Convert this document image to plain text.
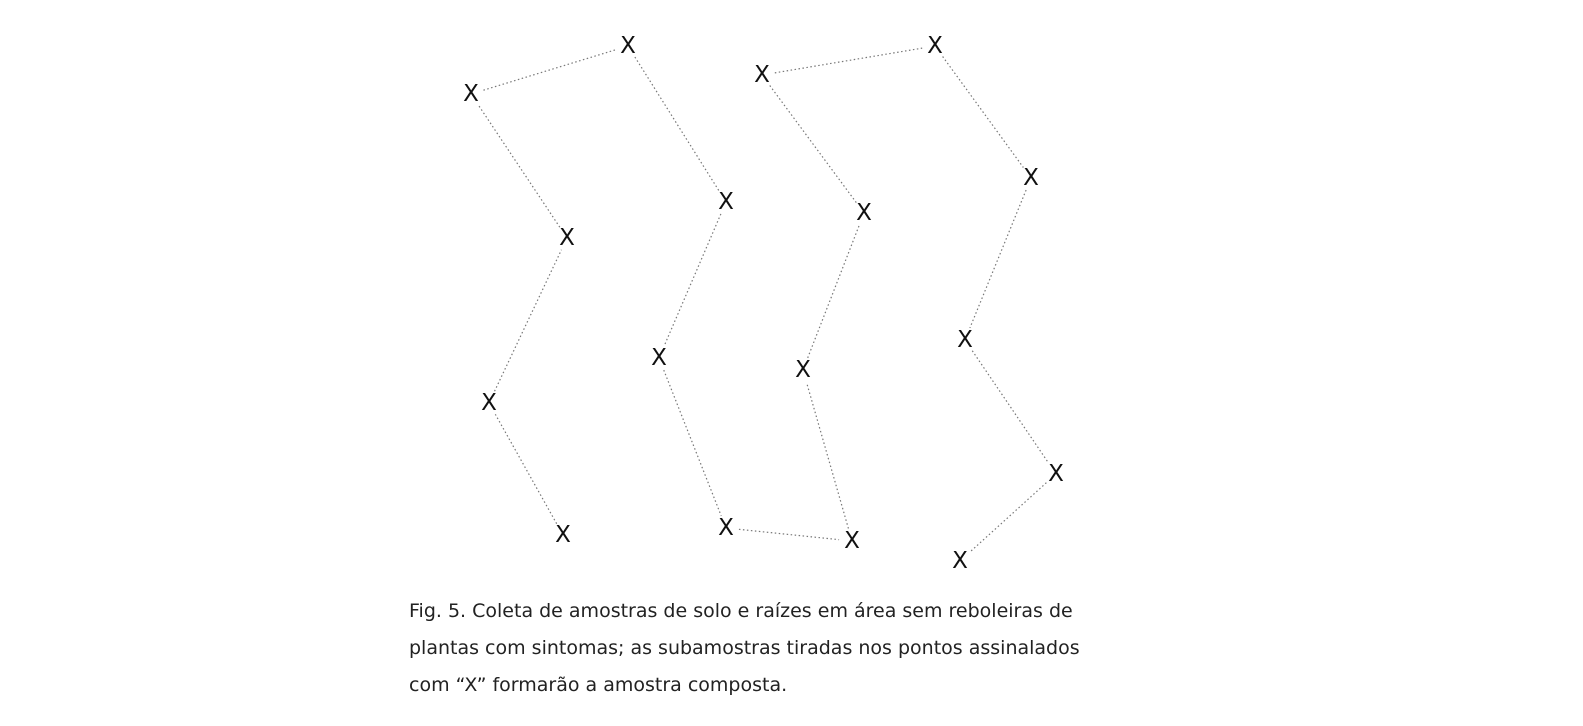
X
X
X
X
X
X
X
X	X
X
X
X
X
X
X
X
X

Fig. 5. Coleta de amostras de solo e raízes em área sem reboleiras de
plantas com sintomas; as subamostras tiradas nos pontos assinalados
com “X” formarão a amostra composta.
